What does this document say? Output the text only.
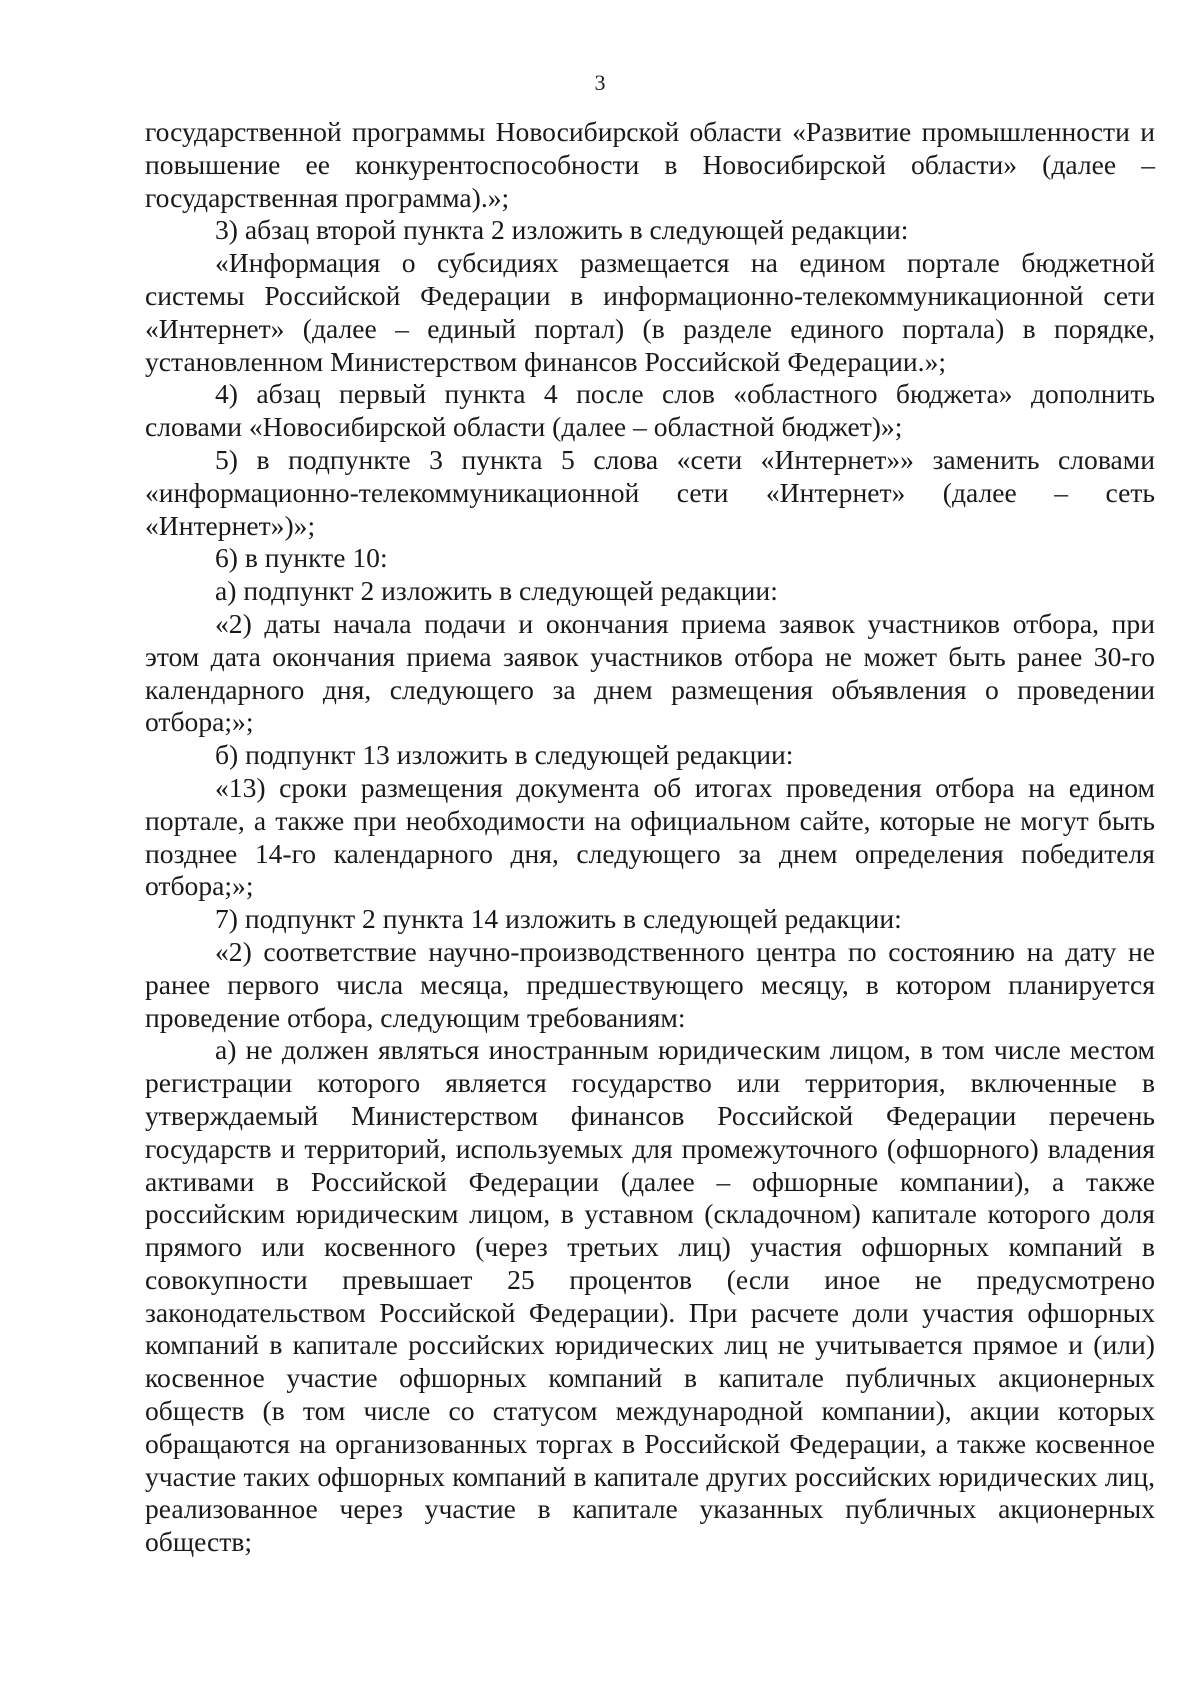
3

государственной программы Новосибирской области «Развитие промышленности и повышение ее конкурентоспособности в Новосибирской области» (далее – государственная программа).»;

3) абзац второй пункта 2 изложить в следующей редакции:

«Информация о субсидиях размещается на едином портале бюджетной системы Российской Федерации в информационно-телекоммуникационной сети «Интернет» (далее – единый портал) (в разделе единого портала) в порядке, установленном Министерством финансов Российской Федерации.»;

4) абзац первый пункта 4 после слов «областного бюджета» дополнить словами «Новосибирской области (далее – областной бюджет)»;

5) в подпункте 3 пункта 5 слова «сети «Интернет»» заменить словами «информационно-телекоммуникационной сети «Интернет» (далее – сеть «Интернет»)»;

6) в пункте 10:

а) подпункт 2 изложить в следующей редакции:

«2) даты начала подачи и окончания приема заявок участников отбора, при этом дата окончания приема заявок участников отбора не может быть ранее 30-го календарного дня, следующего за днем размещения объявления о проведении отбора;»;

б) подпункт 13 изложить в следующей редакции:

«13) сроки размещения документа об итогах проведения отбора на едином портале, а также при необходимости на официальном сайте, которые не могут быть позднее 14-го календарного дня, следующего за днем определения победителя отбора;»;

7) подпункт 2 пункта 14 изложить в следующей редакции:

«2) соответствие научно-производственного центра по состоянию на дату не ранее первого числа месяца, предшествующего месяцу, в котором планируется проведение отбора, следующим требованиям:

а) не должен являться иностранным юридическим лицом, в том числе местом регистрации которого является государство или территория, включенные в утверждаемый Министерством финансов Российской Федерации перечень государств и территорий, используемых для промежуточного (офшорного) владения активами в Российской Федерации (далее – офшорные компании), а также российским юридическим лицом, в уставном (складочном) капитале которого доля прямого или косвенного (через третьих лиц) участия офшорных компаний в совокупности превышает 25 процентов (если иное не предусмотрено законодательством Российской Федерации). При расчете доли участия офшорных компаний в капитале российских юридических лиц не учитывается прямое и (или) косвенное участие офшорных компаний в капитале публичных акционерных обществ (в том числе со статусом международной компании), акции которых обращаются на организованных торгах в Российской Федерации, а также косвенное участие таких офшорных компаний в капитале других российских юридических лиц, реализованное через участие в капитале указанных публичных акционерных обществ;
